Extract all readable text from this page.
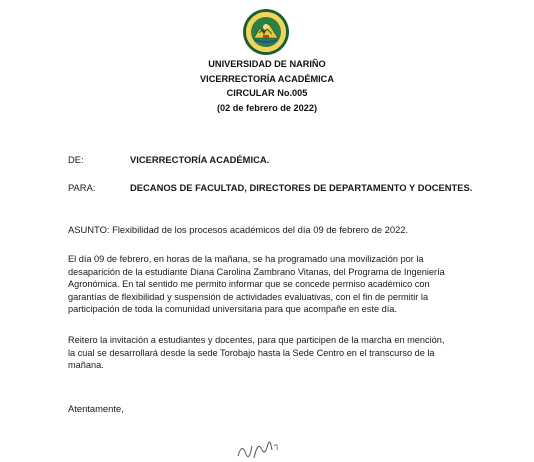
UNIVERSIDAD DE NARIÑO
VICERRECTORÍA ACADÉMICA
CIRCULAR No.005
(02 de febrero de 2022)
DE:	VICERRECTORÍA ACADÉMICA.
PARA:	DECANOS DE FACULTAD, DIRECTORES DE DEPARTAMENTO Y DOCENTES.
ASUNTO: Flexibilidad de los procesos académicos del día 09 de febrero de 2022.
El día 09 de febrero, en horas de la mañana, se ha programado una movilización por la
desaparición de la estudiante Diana Carolina Zambrano Vitanas, del Programa de Ingeniería
Agronómica. En tal sentido me permito informar que se concede permiso académico con
garantías de flexibilidad y suspensión de actividades evaluativas, con el fin de permitir la
participación de toda la comunidad universitaria para que acompañe en este día.
Reitero la invitación a estudiantes y docentes, para que participen de la marcha en mención,
la cual se desarrollará desde la sede Torobajo hasta la Sede Centro en el transcurso de la
mañana.
Atentamente,
